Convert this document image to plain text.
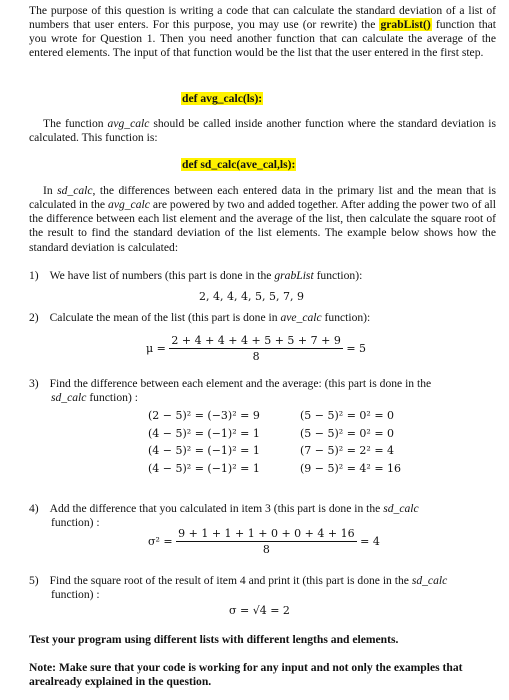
The purpose of this question is writing a code that can calculate the standard deviation of a list of numbers that user enters. For this purpose, you may use (or rewrite) the grabList() function that you wrote for Question 1. Then you need another function that can calculate the average of the entered elements. The input of that function would be the list that the user entered in the first step.
def avg_calc(ls):
The function avg_calc should be called inside another function where the standard deviation is calculated. This function is:
def sd_calc(ave_cal,ls):
In sd_calc, the differences between each entered data in the primary list and the mean that is calculated in the avg_calc are powered by two and added together. After adding the power two of all the difference between each list element and the average of the list, then calculate the square root of the result to find the standard deviation of the list elements. The example below shows how the standard deviation is calculated:
1) We have list of numbers (this part is done in the grabList function):
2, 4, 4, 4, 5, 5, 7, 9
2) Calculate the mean of the list (this part is done in ave_calc function):
$\mu = \frac{2 + 4 + 4 + 4 + 5 + 5 + 7 + 9}{8} = 5$
3) Find the difference between each element and the average: (this part is done in the
sd_calc function) :
(2 − 5)² = (−3)² = 9
(4 − 5)² = (−1)² = 1
(4 − 5)² = (−1)² = 1
(4 − 5)² = (−1)² = 1
(5 − 5)² = 0² = 0
(5 − 5)² = 0² = 0
(7 − 5)² = 2² = 4
(9 − 5)² = 4² = 16
4) Add the difference that you calculated in item 3 (this part is done in the sd_calc
function) :
$\sigma^2 = \frac{9 + 1 + 1 + 1 + 0 + 0 + 4 + 16}{8} = 4$
5) Find the square root of the result of item 4 and print it (this part is done in the sd_calc
function) :
σ = √4 = 2
Test your program using different lists with different lengths and elements.
Note: Make sure that your code is working for any input and not only the examples that arealready explained in the question.
